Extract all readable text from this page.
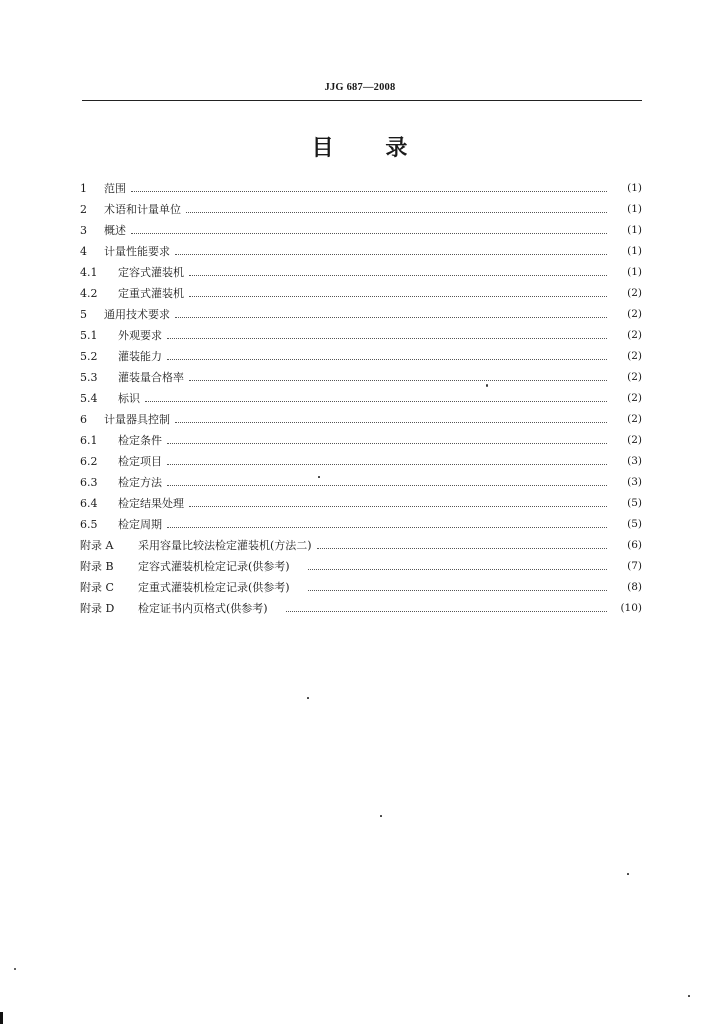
JJG 687—2008
目 录
1	范围	(1)
2	术语和计量单位	(1)
3	概述	(1)
4	计量性能要求	(1)
4.1	定容式灌装机	(1)
4.2	定重式灌装机	(2)
5	通用技术要求	(2)
5.1	外观要求	(2)
5.2	灌装能力	(2)
5.3	灌装量合格率	(2)
5.4	标识	(2)
6	计量器具控制	(2)
6.1	检定条件	(2)
6.2	检定项目	(3)
6.3	检定方法	(3)
6.4	检定结果处理	(5)
6.5	检定周期	(5)
附录 A	采用容量比较法检定灌装机(方法二)	(6)
附录 B	定容式灌装机检定记录(供参考)	(7)
附录 C	定重式灌装机检定记录(供参考)	(8)
附录 D	检定证书内页格式(供参考)	(10)
